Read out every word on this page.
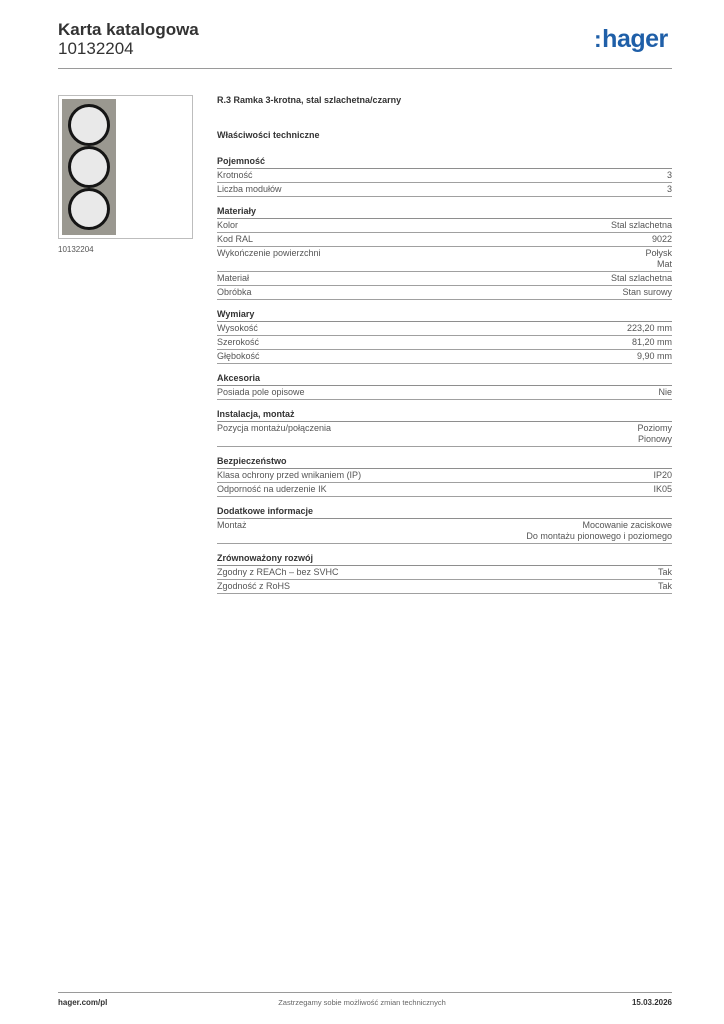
Karta katalogowa
10132204	:hager
10132204
R.3 Ramka 3-krotna, stal szlachetna/czarny
Właściwości techniczne
Pojemność
Krotność	3
Liczba modułów	3
Materiały
Kolor	Stal szlachetna
Kod RAL	9022
Wykończenie powierzchni	Połysk
Mat
Materiał	Stal szlachetna
Obróbka	Stan surowy
Wymiary
Wysokość	223,20 mm
Szerokość	81,20 mm
Głębokość	9,90 mm
Akcesoria
Posiada pole opisowe	Nie
Instalacja, montaż
Pozycja montażu/połączenia	Poziomy
Pionowy
Bezpieczeństwo
Klasa ochrony przed wnikaniem (IP)	IP20
Odporność na uderzenie IK	IK05
Dodatkowe informacje
Montaż	Mocowanie zaciskowe
Do montażu pionowego i poziomego
Zrównoważony rozwój
Zgodny z REACh – bez SVHC	Tak
Zgodność z RoHS	Tak
hager.com/pl	Zastrzegamy sobie możliwość zmian technicznych	15.03.2026
